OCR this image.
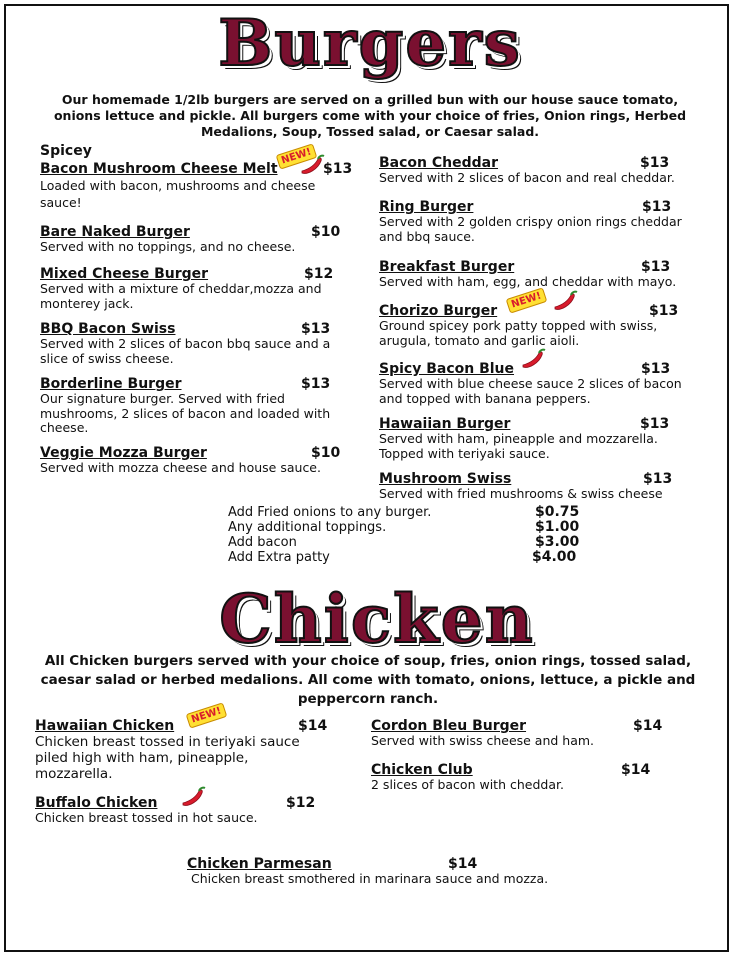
Burgers
Our homemade 1/2lb burgers are served on a grilled bun with our house sauce tomato, onions lettuce and pickle. All burgers come with your choice of fries, Onion rings, Herbed Medalions, Soup, Tossed salad, or Caesar salad.
Spicey
Bacon Mushroom Cheese Melt
NEW!
$13
Loaded with bacon, mushrooms and cheese sauce!
Bare Naked Burger	$10
Served with no toppings, and no cheese.
Mixed Cheese Burger	$12
Served with a mixture of cheddar,mozza and monterey jack.
BBQ Bacon Swiss	$13
Served with 2 slices of bacon bbq sauce and a slice of swiss cheese.
Borderline Burger	$13
Our signature burger. Served with fried mushrooms, 2 slices of bacon and loaded with cheese.
Veggie Mozza Burger	$10
Served with mozza cheese and house sauce.
Bacon Cheddar	$13
Served with 2 slices of bacon and real cheddar.
Ring Burger	$13
Served with 2 golden crispy onion rings cheddar and bbq sauce.
Breakfast Burger	$13
Served with ham, egg, and cheddar with mayo.
Chorizo Burger
NEW!
$13
Ground spicey pork patty topped with swiss, arugula, tomato and garlic aioli.
Spicy Bacon Blue	$13
Served with blue cheese sauce 2 slices of bacon and topped with banana peppers.
Hawaiian Burger	$13
Served with ham, pineapple and mozzarella. Topped with teriyaki sauce.
Mushroom Swiss	$13
Served with fried mushrooms & swiss cheese
Add Fried onions to any burger.	$0.75
Any additional toppings.	$1.00
Add bacon	$3.00
Add Extra patty	$4.00
Chicken
All Chicken burgers served with your choice of soup, fries, onion rings, tossed salad, caesar salad or herbed medalions. All come with tomato, onions, lettuce, a pickle and peppercorn ranch.
Hawaiian Chicken
NEW!
$14
Chicken breast tossed in teriyaki sauce piled high with ham, pineapple, mozzarella.
Buffalo Chicken	$12
Chicken breast tossed in hot sauce.
Cordon Bleu Burger	$14
Served with swiss cheese and ham.
Chicken Club	$14
2 slices of bacon with cheddar.
Chicken Parmesan	$14
Chicken breast smothered in marinara sauce and mozza.
